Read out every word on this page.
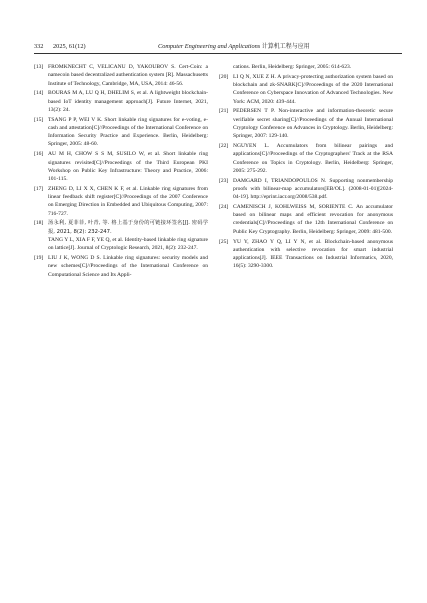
332 2025, 61(12)	Computer Engineering and Applications 计算机工程与应用
[13] FROMKNECHT C, VELICANU D, YAKOUBOV S. Cert-Coin: a namecoin based decentralized authentication system [R]. Massachusetts Institute of Technology, Cambridge, MA, USA, 2014: 46-56.
[14] BOURAS M A, LU Q H, DHELIM S, et al. A lightweight blockchain- based IoT identity management approach[J]. Future Internet, 2021, 13(2): 24.
[15] TSANG P P, WEI V K. Short linkable ring signatures for e-voting, e-cash and attestation[C]//Proceedings of the International Conference on Information Security Practice and Experience. Berlin, Heidelberg: Springer, 2005: 48-60.
[16] AU M H, CHOW S S M, SUSILO W, et al. Short linkable ring signatures revisited[C]//Proceedings of the Third European PKI Workshop on Public Key Infrastructure: Theory and Practice, 2006: 101-115.
[17] ZHENG D, LI X X, CHEN K F, et al. Linkable ring signatures from linear feedback shift register[C]//Proceedings of the 2007 Conference on Emerging Direction in Embedded and Ubiquitous Computing, 2007: 716-727.
[18] 汤永利, 夏菲菲, 叶青, 等. 格上基于身份的可链接环签名[J]. 密码学报, 2021, 8(2): 232-247.
TANG Y L, XIA F F, YE Q, et al. Identity-based linkable ring signature on lattice[J]. Journal of Cryptologic Research, 2021, 8(2): 232-247.
[19] LIU J K, WONG D S. Linkable ring signatures: security models and new schemes[C]//Proceedings of the International Conference on Computational Science and Its Appli-
cations. Berlin, Heidelberg: Springer, 2005: 614-623.
[20] LI Q N, XUE Z H. A privacy-protecting authorization system based on blockchain and zk-SNARK[C]//Proceedings of the 2020 International Conference on Cyberspace Innovation of Advanced Technologies. New York: ACM, 2020: 439-444.
[21] PEDERSEN T P. Non-interactive and information-theoretic secure verifiable secret sharing[C]//Proceedings of the Annual International Cryptology Conference on Advances in Cryptology. Berlin, Heidelberg: Springer, 2007: 129-140.
[22] NGUYEN L. Accumulators from bilinear pairings and applications[C]//Proceedings of the Cryptographers' Track at the RSA Conference on Topics in Cryptology. Berlin, Heidelberg: Springer, 2005: 275-292.
[23] DAMGARD I, TRIANDOPOULOS N. Supporting nonmembership proofs with bilinear-map accumulators[EB/OL]. (2008-01-01)[2024-04-19]. http://eprint.iacr.org/2008/538.pdf.
[24] CAMENISCH J, KOHLWEISS M, SORIENTE C. An accumulator based on bilinear maps and efficient revocation for anonymous credentials[C]//Proceedings of the 12th International Conference on Public Key Cryptography. Berlin, Heidelberg: Springer, 2009: 481-500.
[25] YU Y, ZHAO Y Q, LI Y N, et al. Blockchain-based anonymous authentication with selective revocation for smart industrial applications[J]. IEEE Transactions on Industrial Informatics, 2020, 16(5): 3290-3300.
